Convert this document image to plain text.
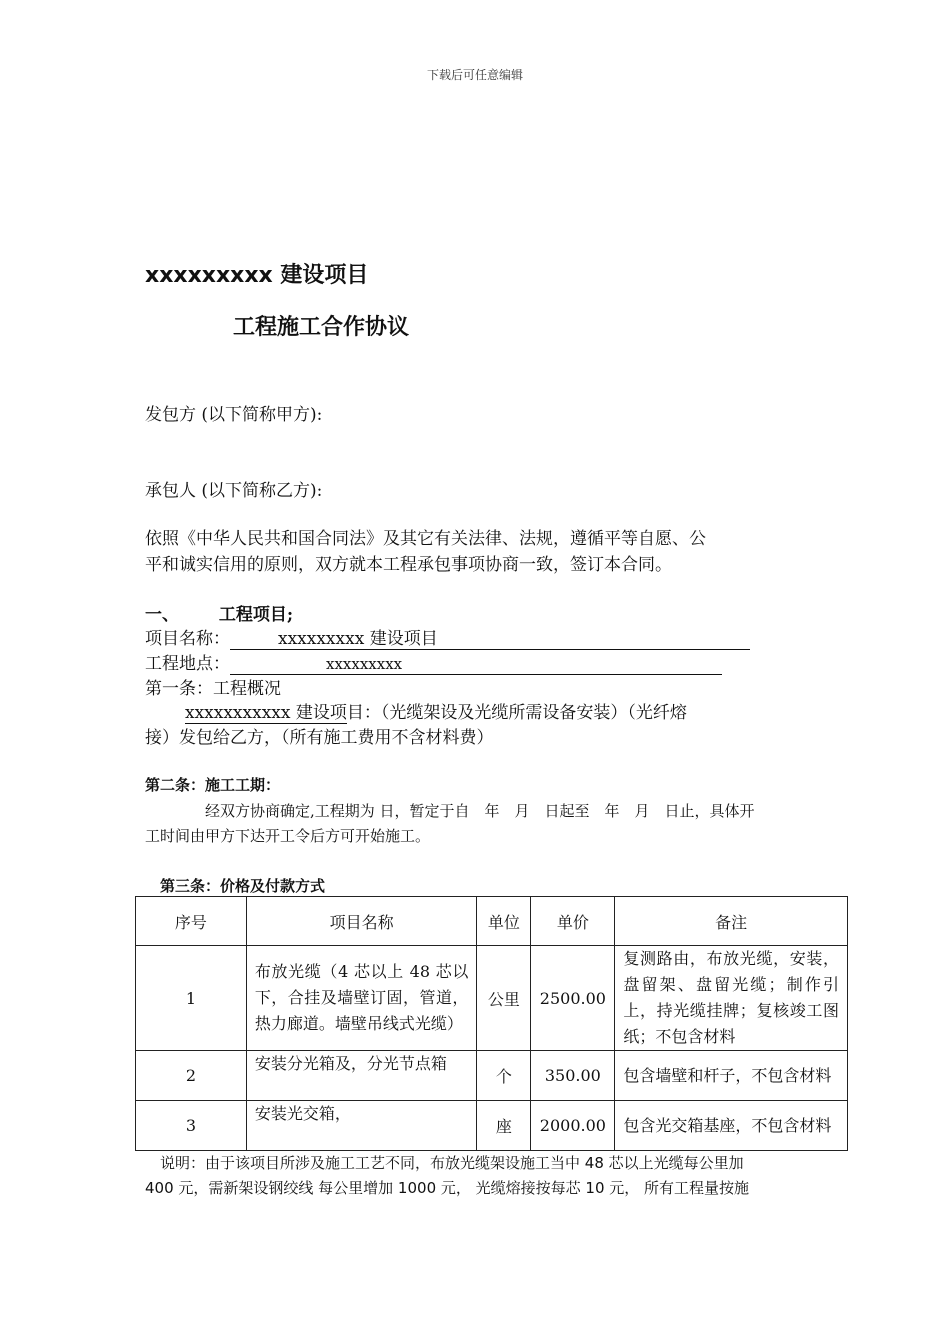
下载后可任意编辑
xxxxxxxxx 建设项目
工程施工合作协议
发包方 (以下简称甲方):
承包人 (以下简称乙方):
依照《中华人民共和国合同法》及其它有关法律、法规，遵循平等自愿、公
平和诚实信用的原则，双方就本工程承包事项协商一致，签订本合同。
一、 工程项目;
项目名称：	xxxxxxxxx 建设项目
工程地点：	xxxxxxxxx
第一条：工程概况
xxxxxxxxxxx 建设项目：（光缆架设及光缆所需设备安装）（光纤熔
接）发包给乙方，（所有施工费用不含材料费）
第二条：施工工期：
经双方协商确定,工程期为 日，暂定于自　年　月　日起至　年　月　日止，具体开
工时间由甲方下达开工令后方可开始施工。
第三条：价格及付款方式
序号	项目名称	单位	单价	备注
1	布放光缆（4 芯以上 48 芯以下，合挂及墙壁订固，管道，热力廊道。墙壁吊线式光缆）	公里	2500.00	复测路由，布放光缆，安装，盘留架、盘留光缆；制作引上，持光缆挂牌；复核竣工图纸；不包含材料
2	安装分光箱及，分光节点箱	个	350.00	包含墙壁和杆子，不包含材料
3	安装光交箱，	座	2000.00	包含光交箱基座，不包含材料
说明：由于该项目所涉及施工工艺不同，布放光缆架设施工当中 48 芯以上光缆每公里加
400 元，需新架设钢绞线 每公里增加 1000 元， 光缆熔接按每芯 10 元， 所有工程量按施
